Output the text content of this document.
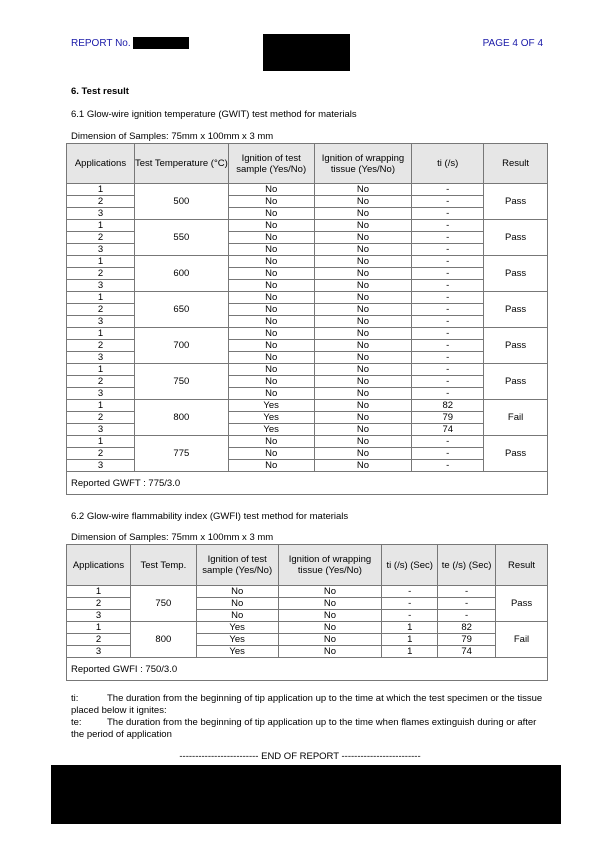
REPORT No.	PAGE 4 OF 4
6. Test result
6.1 Glow-wire ignition temperature (GWIT) test method for materials
Dimension of Samples: 75mm x 100mm x 3 mm
Applications	Test Temperature (°C)	Ignition of test sample (Yes/No)	Ignition of wrapping tissue (Yes/No)	ti (/s)	Result
1	500	No	No	-	Pass
2		No	No	-	
3		No	No	-	
1	550	No	No	-	Pass
2		No	No	-	
3		No	No	-	
1	600	No	No	-	Pass
2		No	No	-	
3		No	No	-	
1	650	No	No	-	Pass
2		No	No	-	
3		No	No	-	
1	700	No	No	-	Pass
2		No	No	-	
3		No	No	-	
1	750	No	No	-	Pass
2		No	No	-	
3		No	No	-	
1	800	Yes	No	82	Fail
2		Yes	No	79	
3		Yes	No	74	
1	775	No	No	-	Pass
2		No	No	-	
3		No	No	-	
Reported GWFT : 775/3.0					
6.2 Glow-wire flammability index (GWFI) test method for materials
Dimension of Samples: 75mm x 100mm x 3 mm
Applications	Test Temp.	Ignition of test sample (Yes/No)	Ignition of wrapping tissue (Yes/No)	ti (/s) (Sec)	te (/s) (Sec)	Result
1	750	No	No	-	-	Pass
2		No	No	-	-	
3		No	No	-	-	
1	800	Yes	No	1	82	Fail
2		Yes	No	1	79	
3		Yes	No	1	74	
Reported GWFI : 750/3.0						
ti:	The duration from the beginning of tip application up to the time at which the test specimen or the tissue placed below it ignites:
te:	The duration from the beginning of tip application up to the time when flames extinguish during or after the period of application
------------------------- END OF REPORT -------------------------
